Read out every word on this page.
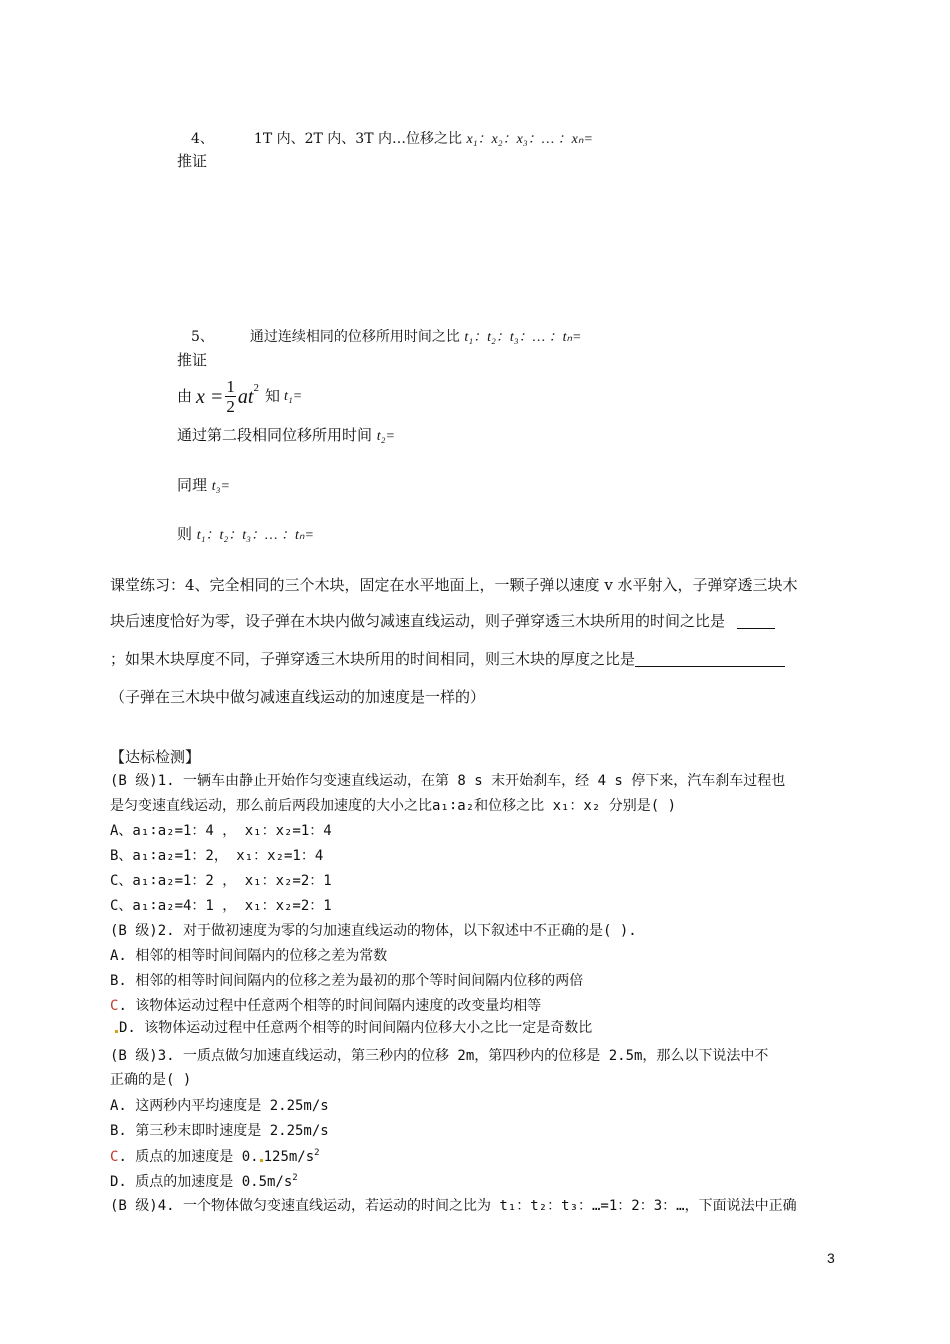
4、	1T 内、2T 内、3T 内…位移之比 x₁：x₂：x₃：… ：xₙ=
推证
5、	通过连续相同的位移所用时间之比 t₁：t₂：t₃：… ：tₙ=
推证
由 $x = \frac{1}{2}$ at 2 知 t₁=
通过第二段相同位移所用时间 t₂=
同理 t₃=
则 t₁：t₂：t₃：… ：tₙ=
课堂练习：4、完全相同的三个木块，固定在水平地面上，一颗子弹以速度 v 水平射入，子弹穿透三块木
块后速度恰好为零，设子弹在木块内做匀减速直线运动，则子弹穿透三木块所用的时间之比是
；如果木块厚度不同，子弹穿透三木块所用的时间相同，则三木块的厚度之比是
（子弹在三木块中做匀减速直线运动的加速度是一样的）
【达标检测】
(B 级)1. 一辆车由静止开始作匀变速直线运动，在第 8 s 末开始刹车，经 4 s 停下来，汽车刹车过程也
是匀变速直线运动，那么前后两段加速度的大小之比a₁∶a₂和位移之比 x₁：x₂ 分别是( )
A、a₁∶a₂=1：4 ， x₁：x₂=1：4
B、a₁∶a₂=1：2， x₁：x₂=1：4
C、a₁∶a₂=1：2 ， x₁：x₂=2：1
C、a₁∶a₂=4：1 ， x₁：x₂=2：1
(B 级)2. 对于做初速度为零的匀加速直线运动的物体，以下叙述中不正确的是( ).
A. 相邻的相等时间间隔内的位移之差为常数
B. 相邻的相等时间间隔内的位移之差为最初的那个等时间间隔内位移的两倍
C. 该物体运动过程中任意两个相等的时间间隔内速度的改变量均相等
D. 该物体运动过程中任意两个相等的时间间隔内位移大小之比一定是奇数比
(B 级)3. 一质点做匀加速直线运动，第三秒内的位移 2m，第四秒内的位移是 2.5m，那么以下说法中不
正确的是( )
A. 这两秒内平均速度是 2.25m/s
B. 第三秒末即时速度是 2.25m/s
C. 质点的加速度是 0. $125m/s^2$
D. 质点的加速度是 $0.5m/s^2$
(B 级)4. 一个物体做匀变速直线运动，若运动的时间之比为 t₁：t₂：t₃：…=1：2：3：…，下面说法中正确
3
